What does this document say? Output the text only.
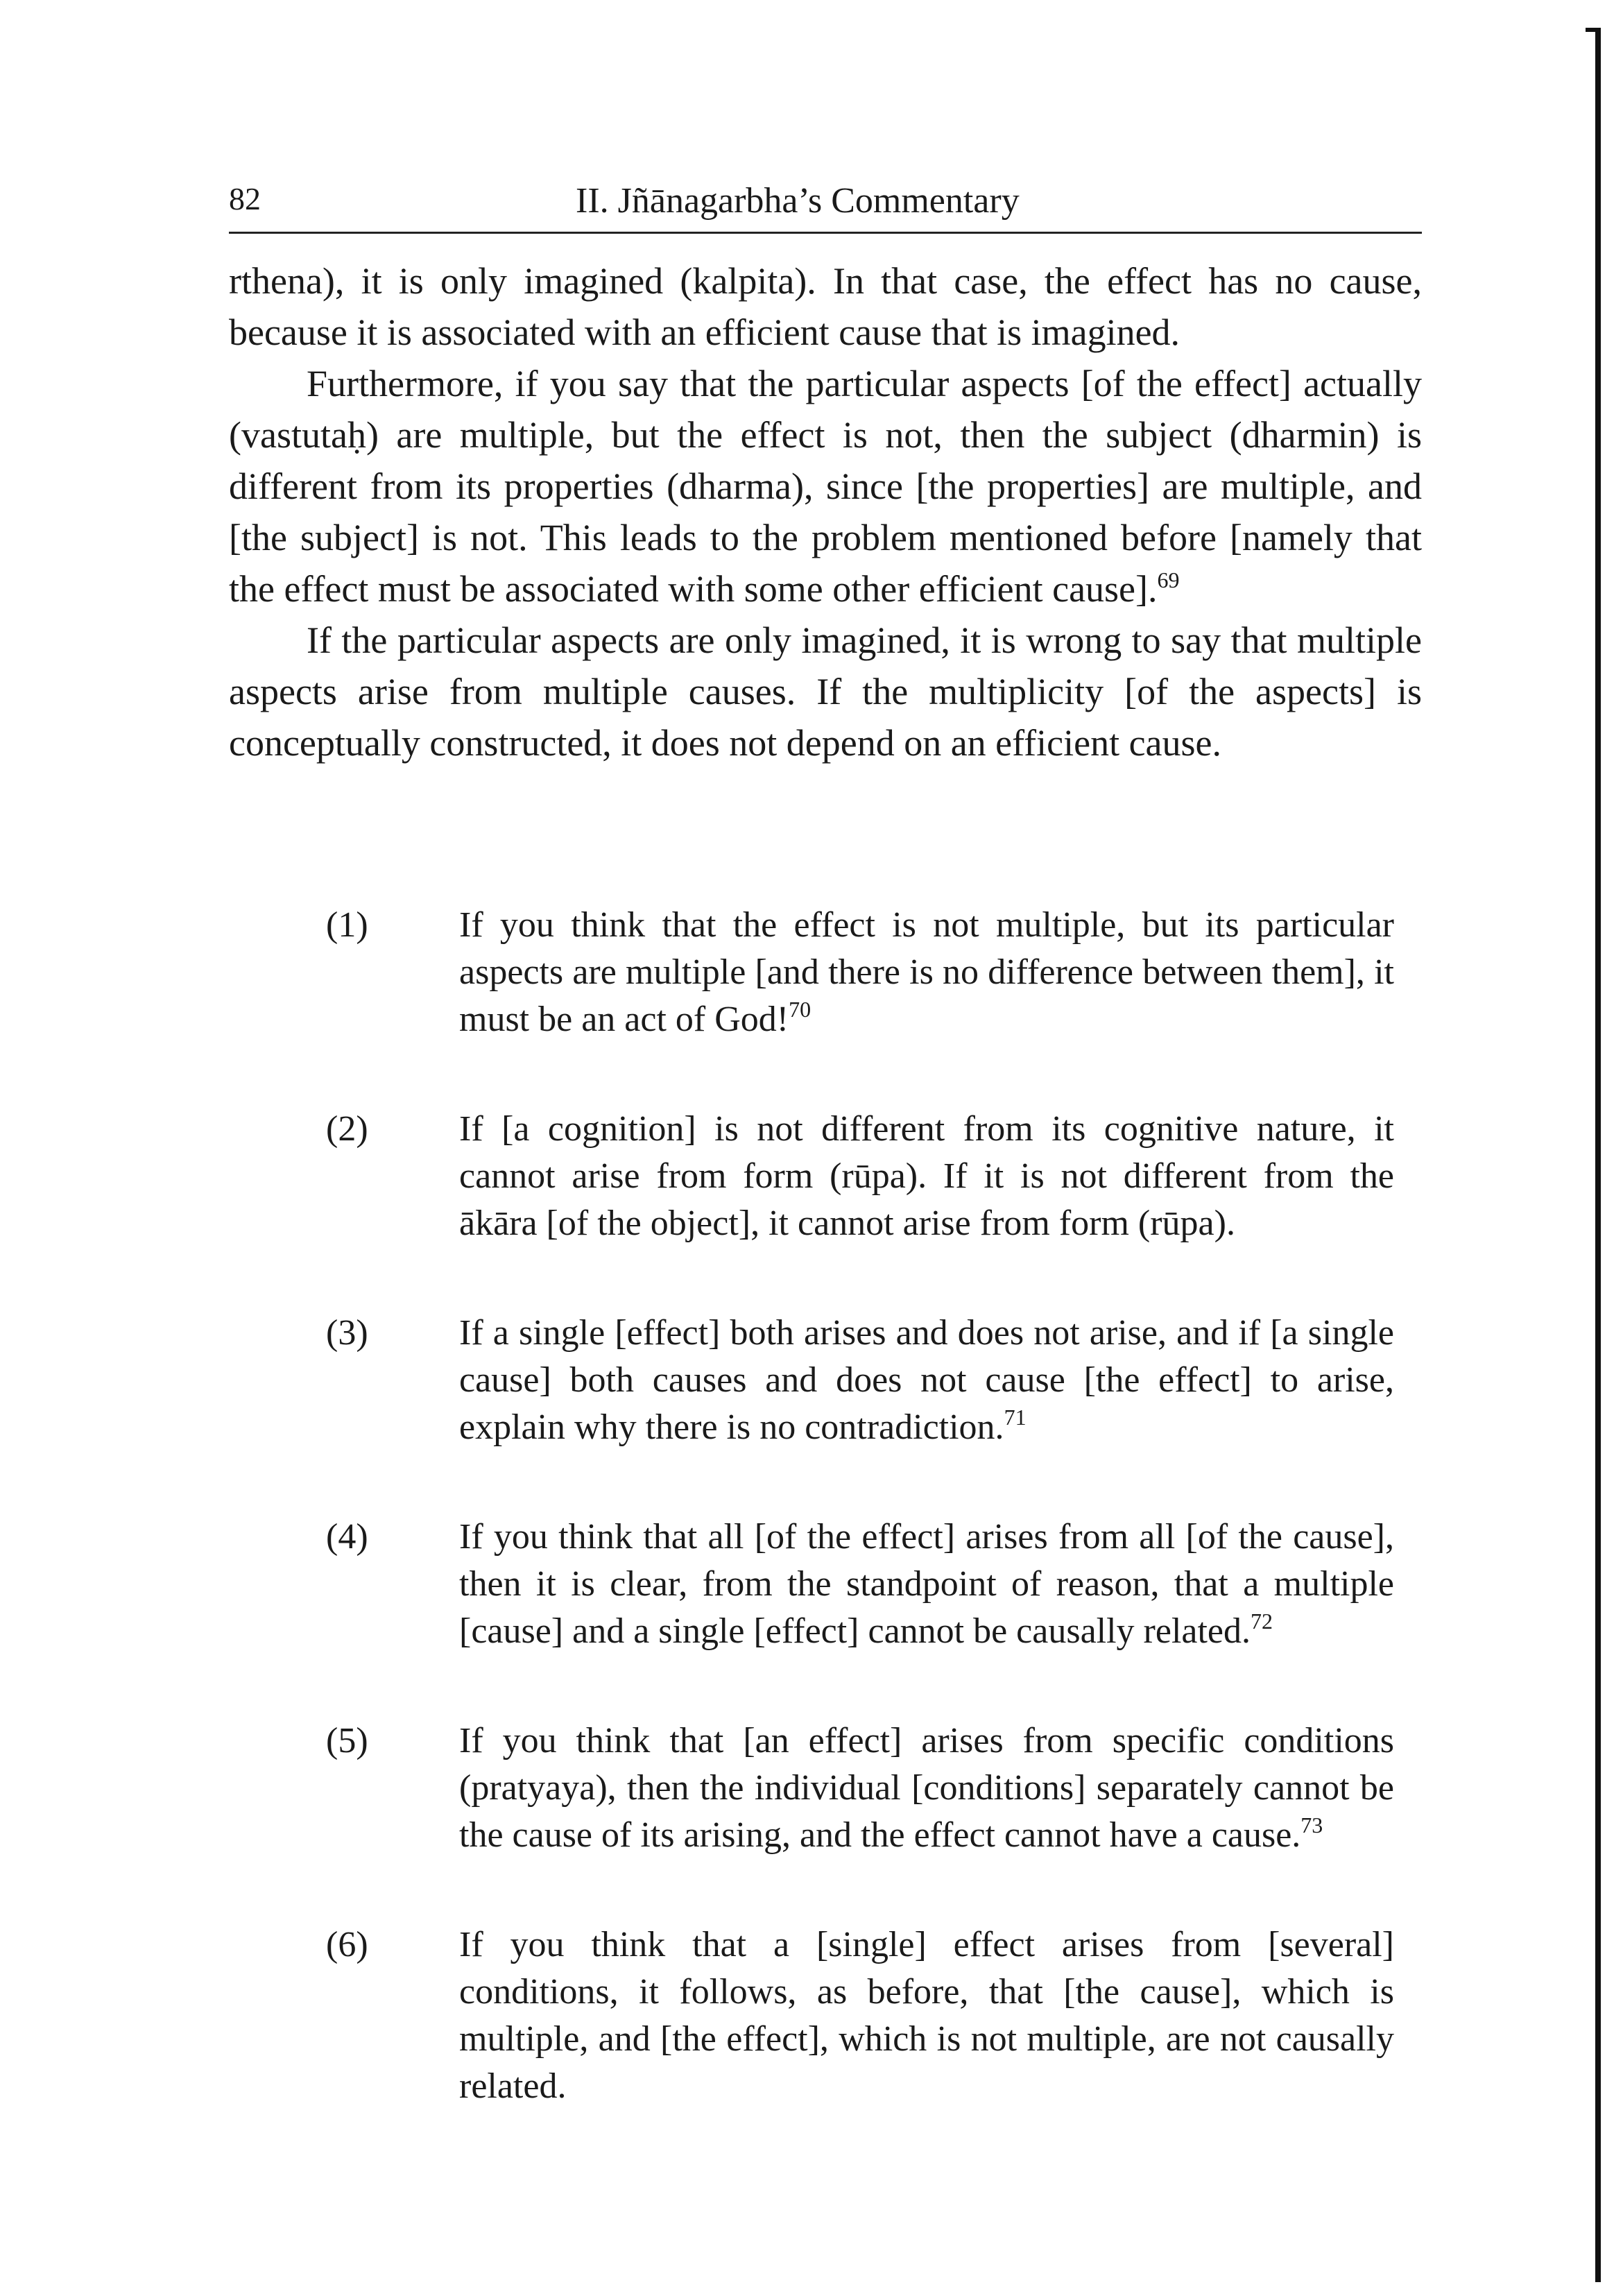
82	II. Jñānagarbha’s Commentary

rthena), it is only imagined (kalpita). In that case, the effect has no cause, because it is associated with an efficient cause that is imagined.

Furthermore, if you say that the particular aspects [of the effect] actually (vastutaḥ) are multiple, but the effect is not, then the subject (dharmin) is different from its properties (dharma), since [the properties] are multiple, and [the subject] is not. This leads to the problem mentioned before [namely that the effect must be associated with some other efficient cause].$^{69}$

If the particular aspects are only imagined, it is wrong to say that multiple aspects arise from multiple causes. If the multiplicity [of the aspects] is conceptually constructed, it does not depend on an efficient cause.

(1)	If you think that the effect is not multiple, but its particular aspects are multiple [and there is no difference between them], it must be an act of God!$^{70}$
(2)	If [a cognition] is not different from its cognitive nature, it cannot arise from form (rūpa). If it is not different from the ākāra [of the object], it cannot arise from form (rūpa).
(3)	If a single [effect] both arises and does not arise, and if [a single cause] both causes and does not cause [the effect] to arise, explain why there is no contradiction.$^{71}$
(4)	If you think that all [of the effect] arises from all [of the cause], then it is clear, from the standpoint of reason, that a multiple [cause] and a single [effect] cannot be causally related.$^{72}$
(5)	If you think that [an effect] arises from specific conditions (pratyaya), then the individual [conditions] separately cannot be the cause of its arising, and the effect cannot have a cause.$^{73}$
(6)	If you think that a [single] effect arises from [several] conditions, it follows, as before, that [the cause], which is multiple, and [the effect], which is not multiple, are not causally related.
